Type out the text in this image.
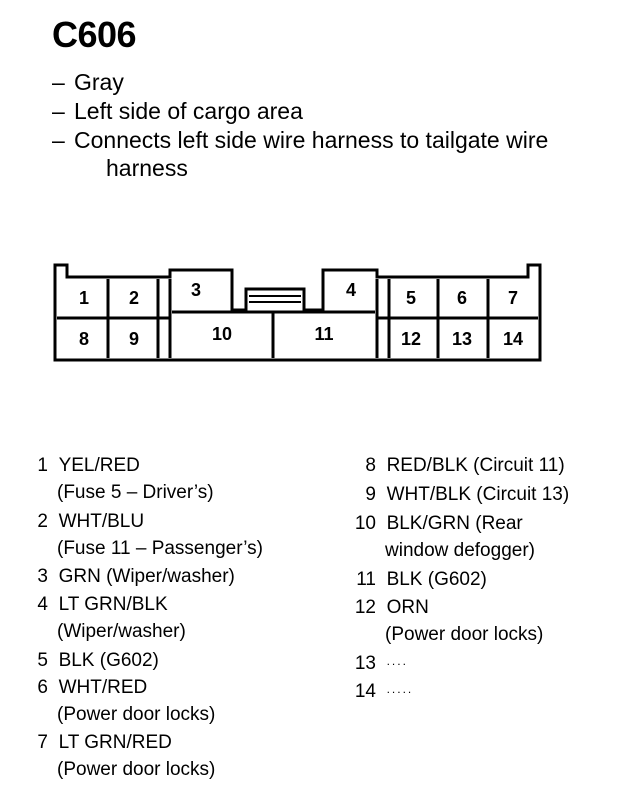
C606
– Gray
– Left side of cargo area
– Connects left side wire harness to tailgate wire
harness
1 2	3	4	5 6 7
8 9	10	11	12 13 14
1 YEL/RED
(Fuse 5 – Driver’s)
2 WHT/BLU
(Fuse 11 – Passenger’s)
3 GRN (Wiper/washer)
4 LT GRN/BLK
(Wiper/washer)
5 BLK (G602)
6 WHT/RED
(Power door locks)
7 LT GRN/RED
(Power door locks)
8 RED/BLK (Circuit 11)
9 WHT/BLK (Circuit 13)
10 BLK/GRN (Rear
window defogger)
11 BLK (G602)
12 ORN
(Power door locks)
13 ....
14 .....
